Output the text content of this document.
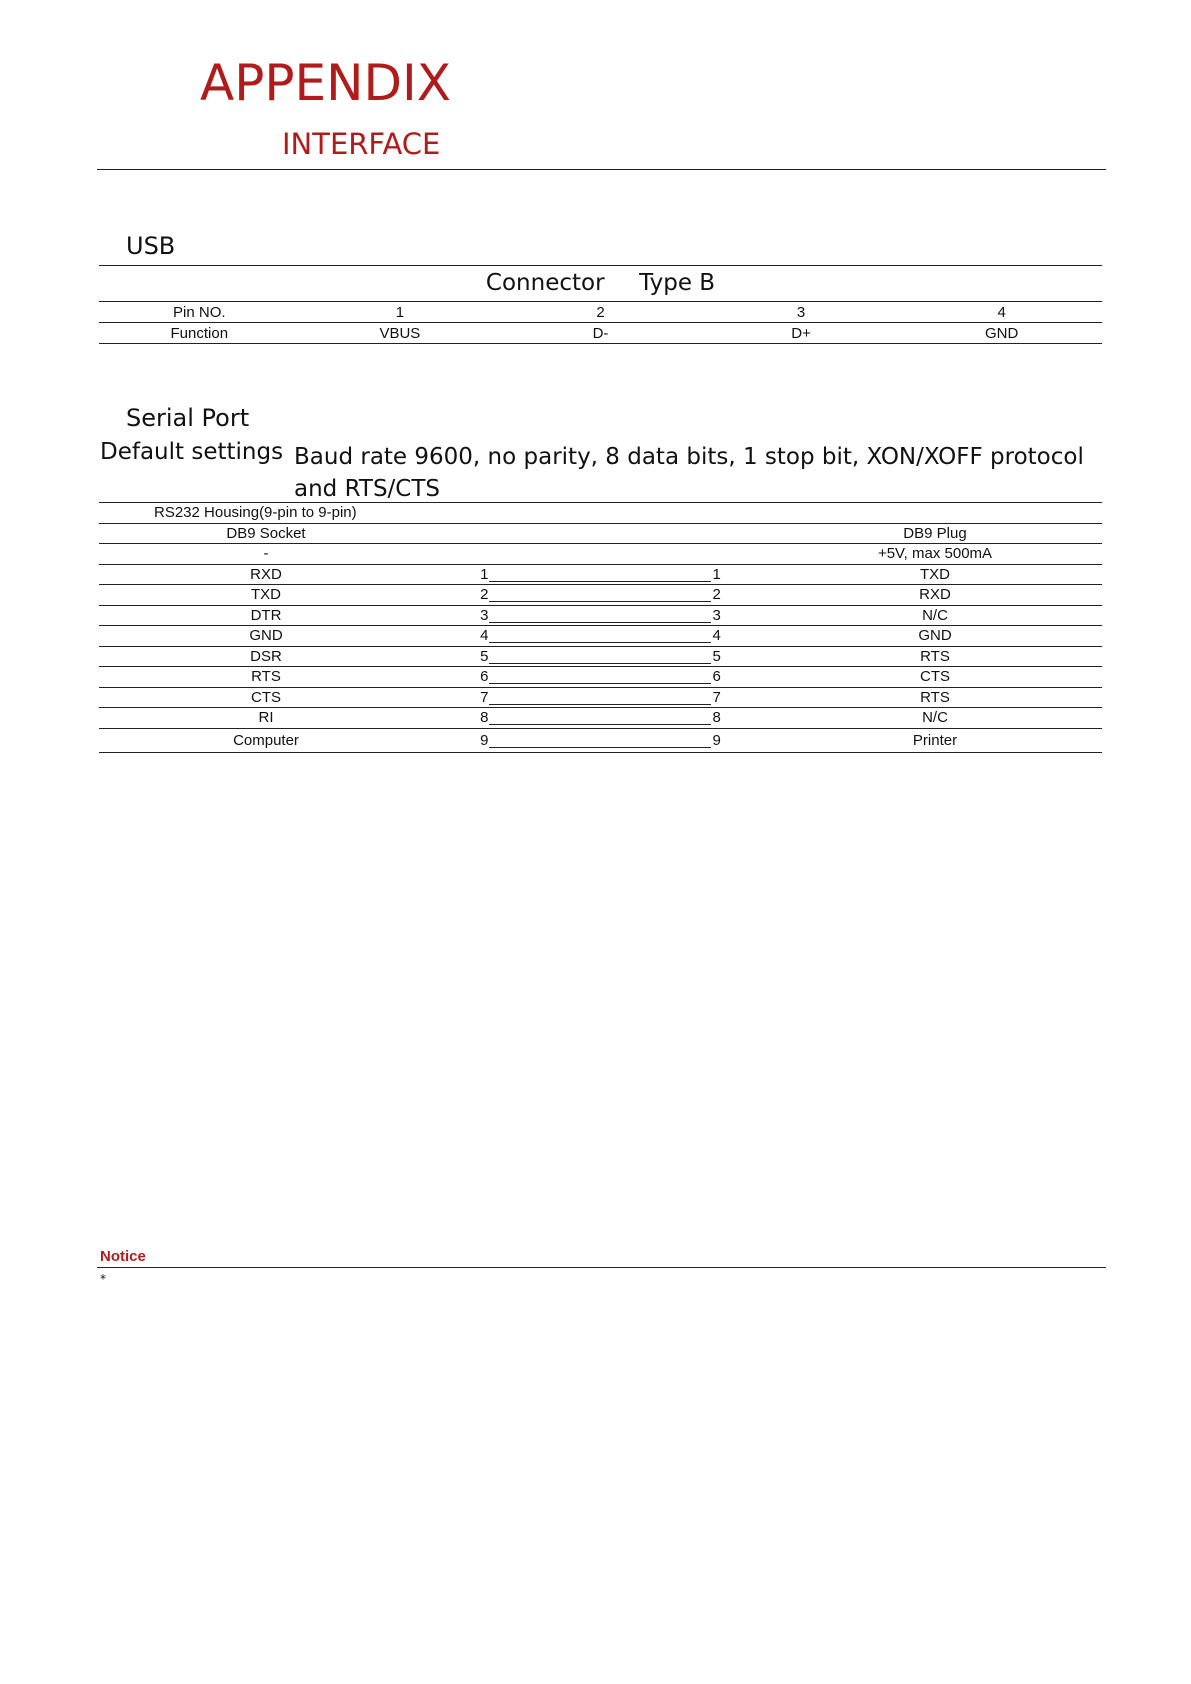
APPENDIX
INTERFACE
USB
Connector Type B				
Pin NO.	1	2	3	4
Function	VBUS	D-	D+	GND
Serial Port
Default settings Baud rate 9600, no parity, 8 data bits, 1 stop bit, XON/XOFF protocol and RTS/CTS
RS232 Housing(9-pin to 9-pin)		
DB9 Socket		DB9 Plug
-		+5V, max 500mA
RXD	1 1	TXD
TXD	2 2	RXD
DTR	3 3	N/C
GND	4 4	GND
DSR	5 5	RTS
RTS	6 6	CTS
CTS	7 7	RTS
RI	8 8	N/C
Computer	9 9	Printer
Notice
*
